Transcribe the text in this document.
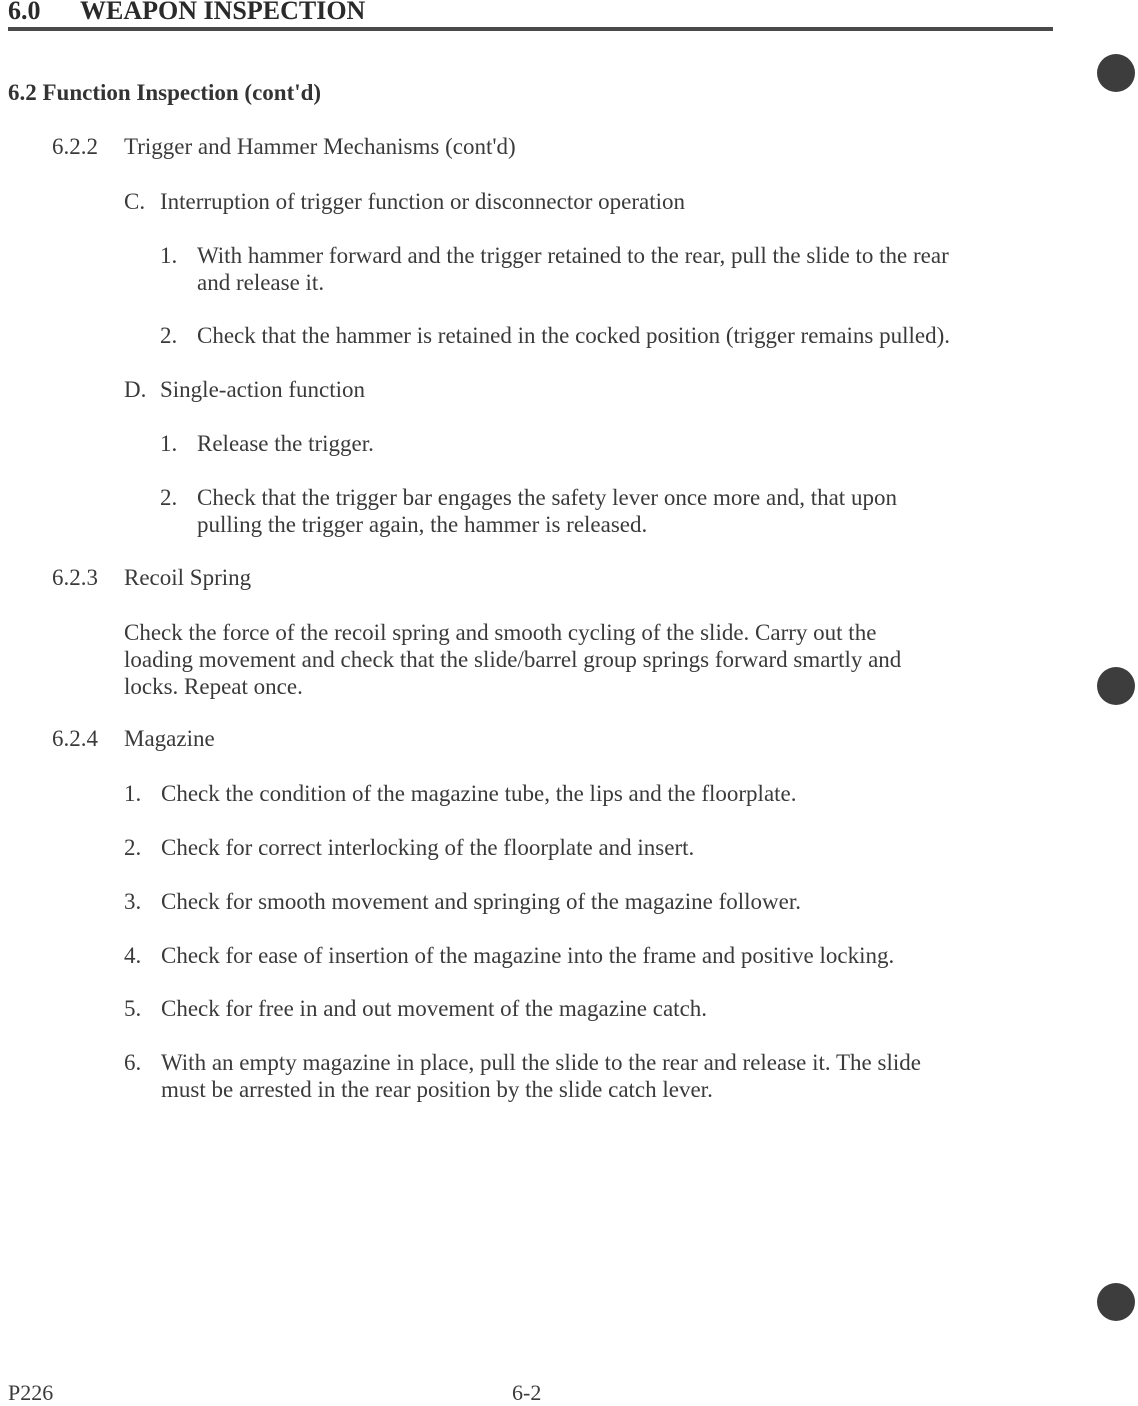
6.0 WEAPON INSPECTION
6.2 Function Inspection (cont'd)
6.2.2 Trigger and Hammer Mechanisms (cont'd)
C. Interruption of trigger function or disconnector operation
1. With hammer forward and the trigger retained to the rear, pull the slide to the rear
and release it.
2. Check that the hammer is retained in the cocked position (trigger remains pulled).
D. Single-action function
1. Release the trigger.
2. Check that the trigger bar engages the safety lever once more and, that upon
pulling the trigger again, the hammer is released.
6.2.3 Recoil Spring
Check the force of the recoil spring and smooth cycling of the slide. Carry out the
loading movement and check that the slide/barrel group springs forward smartly and
locks. Repeat once.
6.2.4 Magazine
1. Check the condition of the magazine tube, the lips and the floorplate.
2. Check for correct interlocking of the floorplate and insert.
3. Check for smooth movement and springing of the magazine follower.
4. Check for ease of insertion of the magazine into the frame and positive locking.
5. Check for free in and out movement of the magazine catch.
6. With an empty magazine in place, pull the slide to the rear and release it. The slide
must be arrested in the rear position by the slide catch lever.
P226	6-2
